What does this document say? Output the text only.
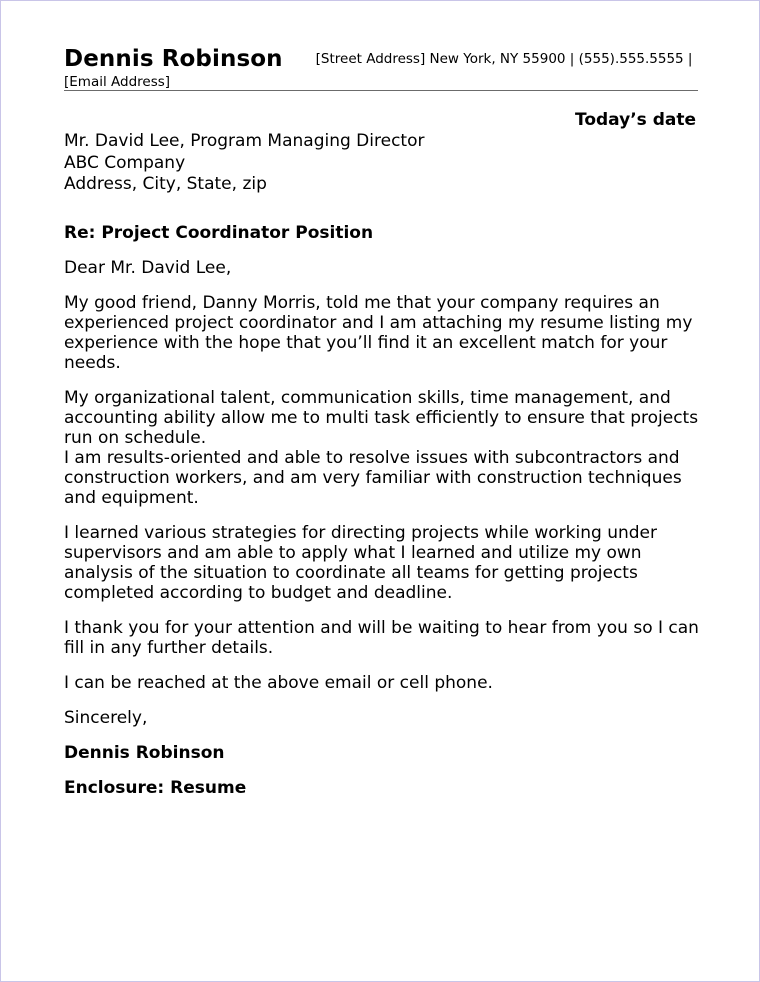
Dennis Robinson [Street Address] New York, NY 55900 | (555).555.5555 |
[Email Address]
Today’s date
Mr. David Lee, Program Managing Director
ABC Company
Address, City, State, zip
Re: Project Coordinator Position
Dear Mr. David Lee,

My good friend, Danny Morris, told me that your company requires an experienced project coordinator and I am attaching my resume listing my experience with the hope that you’ll find it an excellent match for your needs.

My organizational talent, communication skills, time management, and accounting ability allow me to multi task efficiently to ensure that projects run on schedule.

I am results-oriented and able to resolve issues with subcontractors and construction workers, and am very familiar with construction techniques and equipment.

I learned various strategies for directing projects while working under supervisors and am able to apply what I learned and utilize my own analysis of the situation to coordinate all teams for getting projects completed according to budget and deadline.

I thank you for your attention and will be waiting to hear from you so I can fill in any further details.

I can be reached at the above email or cell phone.

Sincerely,
Dennis Robinson
Enclosure: Resume
